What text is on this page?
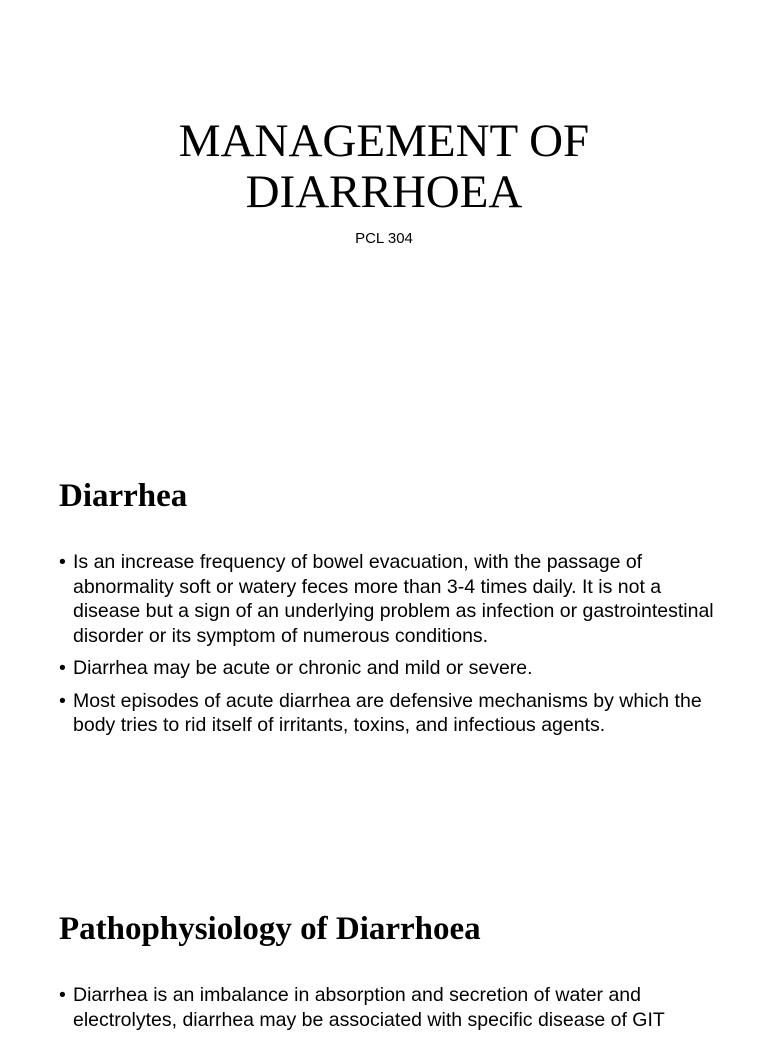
MANAGEMENT OF
DIARRHOEA

PCL 304

Diarrhea
• Is an increase frequency of bowel evacuation, with the passage of abnormality soft or watery feces more than 3-4 times daily. It is not a disease but a sign of an underlying problem as infection or gastrointestinal disorder or its symptom of numerous conditions.
• Diarrhea may be acute or chronic and mild or severe.
• Most episodes of acute diarrhea are defensive mechanisms by which the body tries to rid itself of irritants, toxins, and infectious agents.
Pathophysiology of Diarrhoea
• Diarrhea is an imbalance in absorption and secretion of water and electrolytes, diarrhea may be associated with specific disease of GIT
